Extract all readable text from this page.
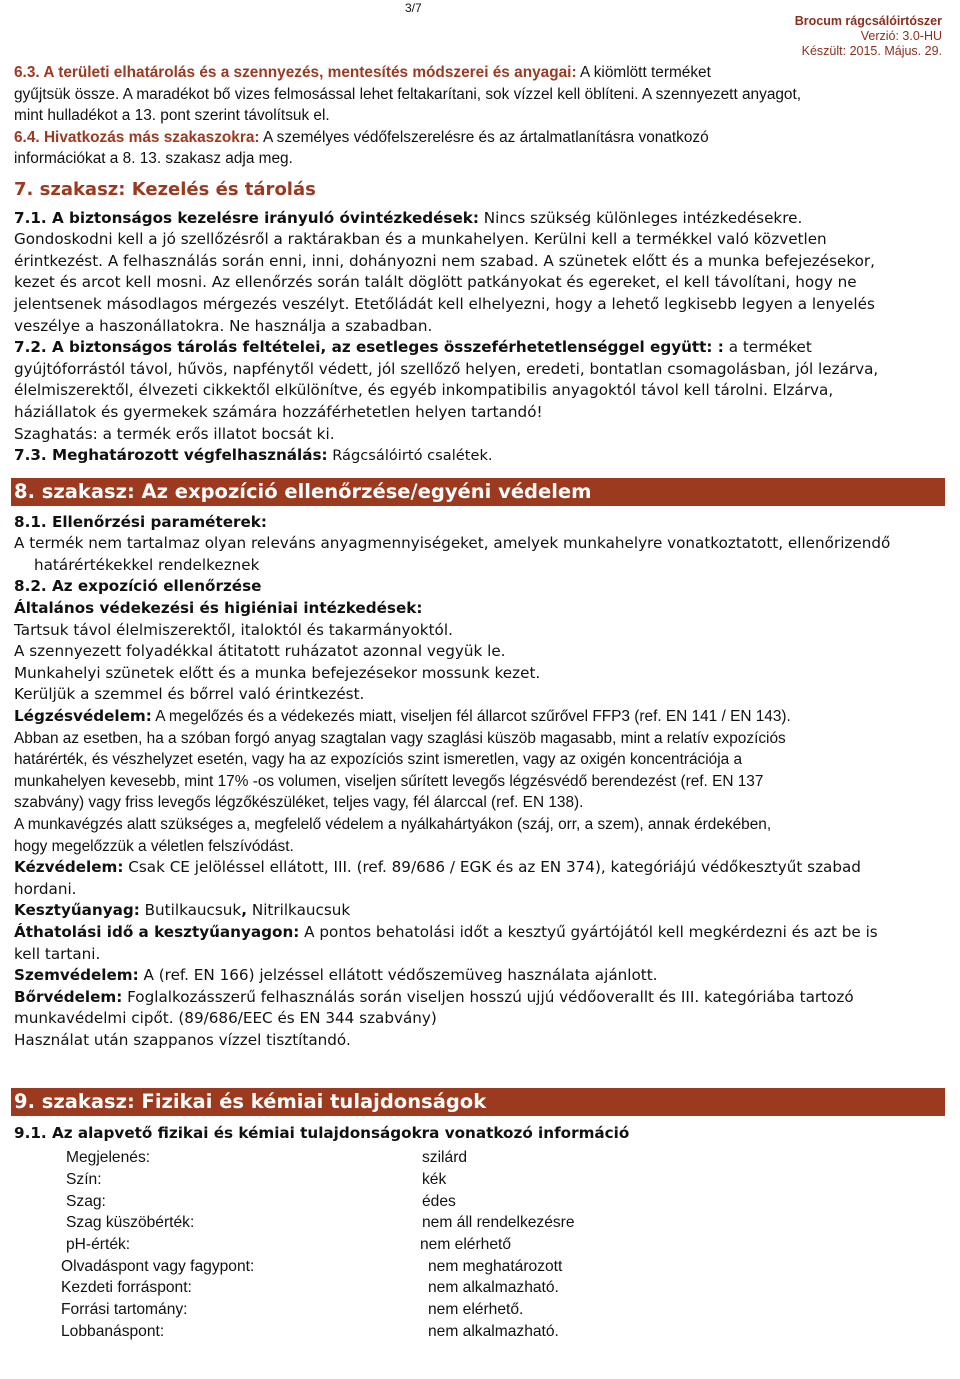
3/7
Brocum rágcsálóirtószer
Verzió: 3.0-HU
Készült: 2015. Május. 29.
6.3. A területi elhatárolás és a szennyezés, mentesítés módszerei és anyagai: A kiömlött terméket
gyűjtsük össze. A maradékot bő vizes felmosással lehet feltakarítani, sok vízzel kell öblíteni. A szennyezett anyagot,
mint hulladékot a 13. pont szerint távolítsuk el.
6.4. Hivatkozás más szakaszokra: A személyes védőfelszerelésre és az ártalmatlanításra vonatkozó
információkat a 8. 13. szakasz adja meg.
7. szakasz: Kezelés és tárolás
7.1. A biztonságos kezelésre irányuló óvintézkedések: Nincs szükség különleges intézkedésekre.
Gondoskodni kell a jó szellőzésről a raktárakban és a munkahelyen. Kerülni kell a termékkel való közvetlen
érintkezést. A felhasználás során enni, inni, dohányozni nem szabad. A szünetek előtt és a munka befejezésekor,
kezet és arcot kell mosni. Az ellenőrzés során talált döglött patkányokat és egereket, el kell távolítani, hogy ne
jelentsenek másodlagos mérgezés veszélyt. Etetőládát kell elhelyezni, hogy a lehető legkisebb legyen a lenyelés
veszélye a haszonállatokra. Ne használja a szabadban.
7.2. A biztonságos tárolás feltételei, az esetleges összeférhetetlenséggel együtt: : a terméket
gyújtóforrástól távol, hűvös, napfénytől védett, jól szellőző helyen, eredeti, bontatlan csomagolásban, jól lezárva,
élelmiszerektől, élvezeti cikkektől elkülönítve, és egyéb inkompatibilis anyagoktól távol kell tárolni. Elzárva,
háziállatok és gyermekek számára hozzáférhetetlen helyen tartandó!
Szaghatás: a termék erős illatot bocsát ki.
7.3. Meghatározott végfelhasználás: Rágcsálóirtó csalétek.
8. szakasz: Az expozíció ellenőrzése/egyéni védelem
8.1. Ellenőrzési paraméterek:
A termék nem tartalmaz olyan releváns anyagmennyiségeket, amelyek munkahelyre vonatkoztatott, ellenőrizendő
határértékekkel rendelkeznek
8.2. Az expozíció ellenőrzése
Általános védekezési és higiéniai intézkedések:
Tartsuk távol élelmiszerektől, italoktól és takarmányoktól.
A szennyezett folyadékkal átitatott ruházatot azonnal vegyük le.
Munkahelyi szünetek előtt és a munka befejezésekor mossunk kezet.
Kerüljük a szemmel és bőrrel való érintkezést.
Légzésvédelem: A megelőzés és a védekezés miatt, viseljen fél állarcot szűrővel FFP3 (ref. EN 141 / EN 143).
Abban az esetben, ha a szóban forgó anyag szagtalan vagy szaglási küszöb magasabb, mint a relatív expozíciós
határérték, és vészhelyzet esetén, vagy ha az expozíciós szint ismeretlen, vagy az oxigén koncentrációja a
munkahelyen kevesebb, mint 17% -os volumen, viseljen sűrített levegős légzésvédő berendezést (ref. EN 137
szabvány) vagy friss levegős légzőkészüléket, teljes vagy, fél álarccal (ref. EN 138).
A munkavégzés alatt szükséges a, megfelelő védelem a nyálkahártyákon (száj, orr, a szem), annak érdekében,
hogy megelőzzük a véletlen felszívódást.
Kézvédelem: Csak CE jelöléssel ellátott, III. (ref. 89/686 / EGK és az EN 374), kategóriájú védőkesztyűt szabad
hordani.
Kesztyűanyag: Butilkaucsuk, Nitrilkaucsuk
Áthatolási idő a kesztyűanyagon: A pontos behatolási időt a kesztyű gyártójától kell megkérdezni és azt be is
kell tartani.
Szemvédelem: A (ref. EN 166) jelzéssel ellátott védőszemüveg használata ajánlott.
Bőrvédelem: Foglalkozásszerű felhasználás során viseljen hosszú ujjú védőoverallt és III. kategóriába tartozó
munkavédelmi cipőt. (89/686/EEC és EN 344 szabvány)
Használat után szappanos vízzel tisztítandó.
9. szakasz: Fizikai és kémiai tulajdonságok
9.1. Az alapvető fizikai és kémiai tulajdonságokra vonatkozó információ
Megjelenés:	szilárd
Szín:	kék
Szag:	édes
Szag küszöbérték:	nem áll rendelkezésre
pH-érték:	nem elérhető
Olvadáspont vagy fagypont:	nem meghatározott
Kezdeti forráspont:	nem alkalmazható.
Forrási tartomány:	nem elérhető.
Lobbanáspont:	nem alkalmazható.
